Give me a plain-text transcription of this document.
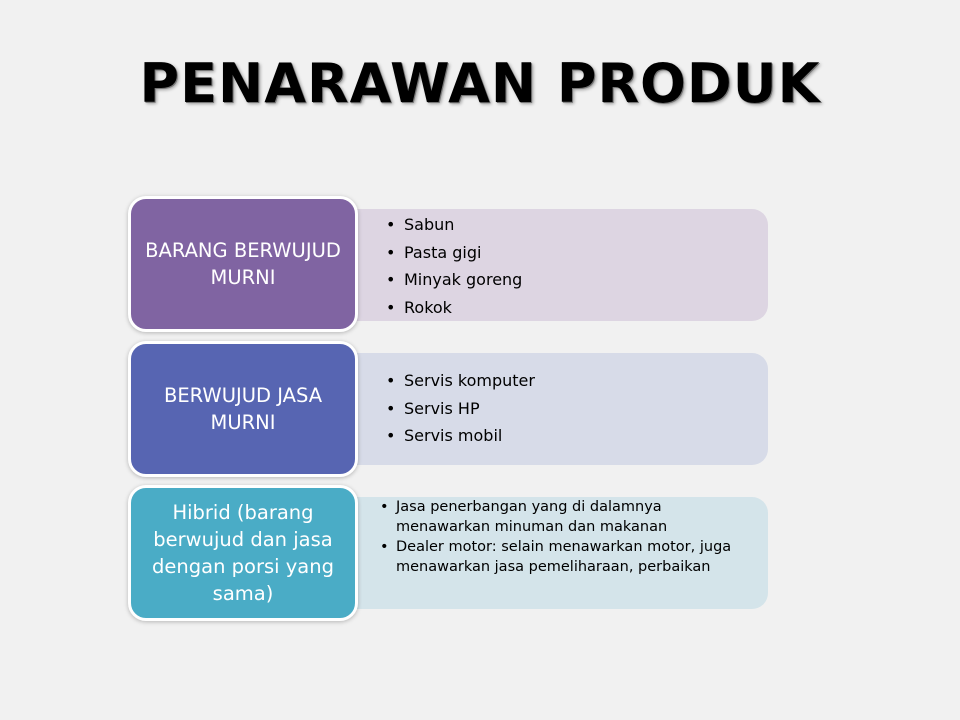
PENARAWAN PRODUK
• Sabun
• Pasta gigi
• Minyak goreng
• Rokok
BARANG BERWUJUD MURNI
• Servis komputer
• Servis HP
• Servis mobil
BERWUJUD JASA MURNI
• Jasa penerbangan yang di dalamnya menawarkan minuman dan makanan
• Dealer motor: selain menawarkan motor, juga menawarkan jasa pemeliharaan, perbaikan
Hibrid (barang berwujud dan jasa dengan porsi yang sama)
